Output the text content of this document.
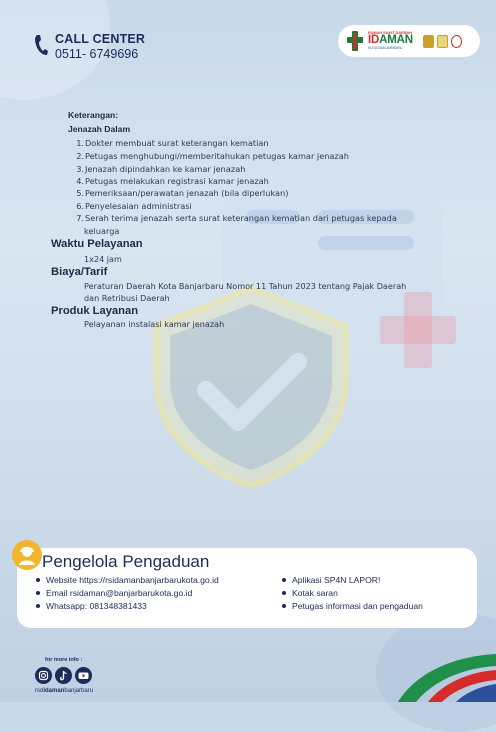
CALL CENTER
0511- 6749696
RUMAH SAKIT DAERAH
IDAMAN
KOTA BANJARBARU
Keterangan:
Jenazah Dalam
1.Dokter membuat surat keterangan kematian
2.Petugas menghubungi/memberitahukan petugas kamar jenazah
3.Jenazah dipindahkan ke kamar jenazah
4.Petugas melakukan registrasi kamar jenazah
5.Pemeriksaan/perawatan jenazah (bila diperlukan)
6.Penyelesaian administrasi
7.Serah terima jenazah serta surat keterangan kematian dari petugas kepada
keluarga
Waktu Pelayanan
1x24 jam
Biaya/Tarif
Peraturan Daerah Kota Banjarbaru Nomor 11 Tahun 2023 tentang Pajak Daerah
dan Retribusi Daerah
Produk Layanan
Pelayanan instalasi kamar jenazah
Pengelola Pengaduan
Website https://rsidamanbanjarbarukota.go.id
Email rsidaman@banjarbarukota.go.id
Whatsapp: 081348381433
Aplikasi SP4N LAPOR!
Kotak saran
Petugas informasi dan pengaduan
for more info :
rsdidamanbanjarbaru
